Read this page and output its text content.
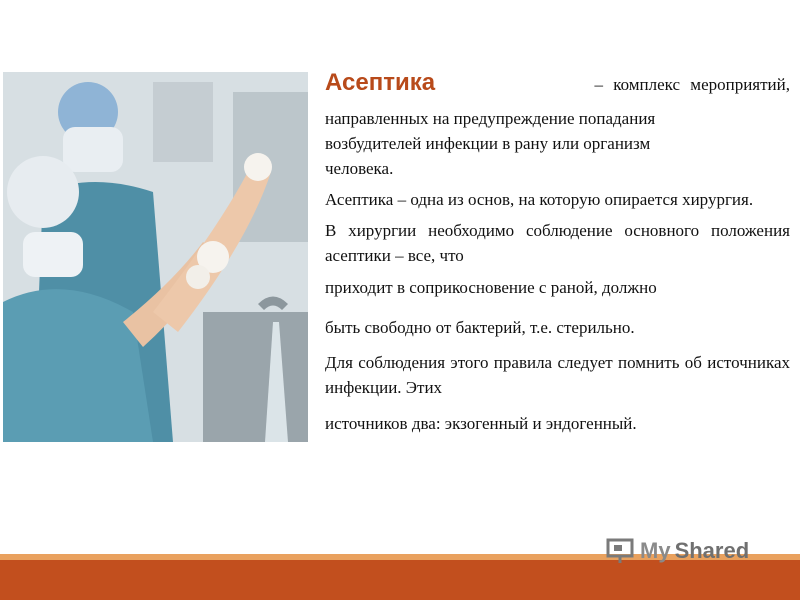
Асептика	– комплекс мероприятий,

направленных на предупреждение попадания
возбудителей инфекции в рану или организм
человека.

Асептика – одна из основ, на которую опирается хирургия.

В хирургии необходимо соблюдение основного положения асептики – все, что

приходит в соприкосновение с раной, должно

быть свободно от бактерий, т.е. стерильно.

Для соблюдения этого правила следует помнить об источниках инфекции. Этих

источников два: экзогенный и эндогенный.

My Shared
